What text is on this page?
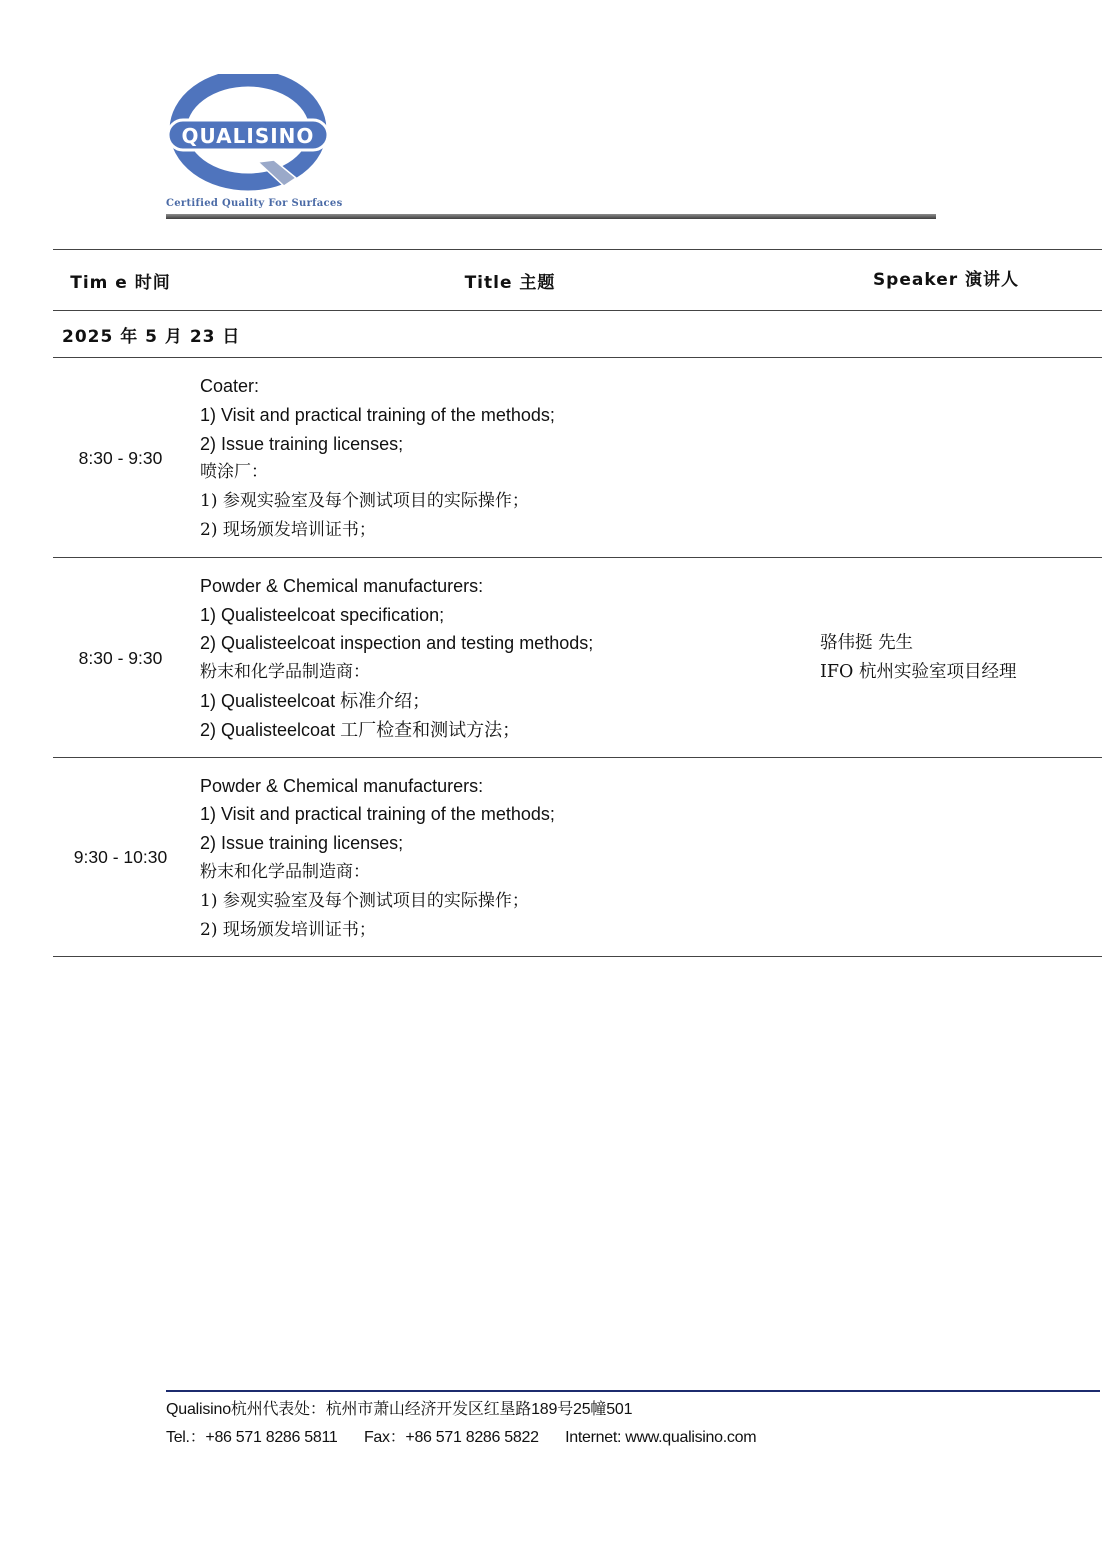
QUALISINO
Certified Quality For Surfaces
Tim e 时间	Title 主题	Speaker 演讲人
2025 年 5 月 23 日
8:30 - 9:30
Coater:
1) Visit and practical training of the methods;
2) Issue training licenses;
喷涂厂：
1) 参观实验室及每个测试项目的实际操作；
2) 现场颁发培训证书；
8:30 - 9:30
Powder & Chemical manufacturers:
1) Qualisteelcoat specification;
2) Qualisteelcoat inspection and testing methods;
粉末和化学品制造商：
1) Qualisteelcoat 标准介绍；
2) Qualisteelcoat 工厂检查和测试方法；
骆伟挺 先生
IFO 杭州实验室项目经理
9:30 - 10:30
Powder & Chemical manufacturers:
1) Visit and practical training of the methods;
2) Issue training licenses;
粉末和化学品制造商：
1) 参观实验室及每个测试项目的实际操作；
2) 现场颁发培训证书；
Qualisino杭州代表处：杭州市萧山经济开发区红垦路189号25幢501
Tel.：+86 571 8286 5811 Fax：+86 571 8286 5822 Internet: www.qualisino.com
